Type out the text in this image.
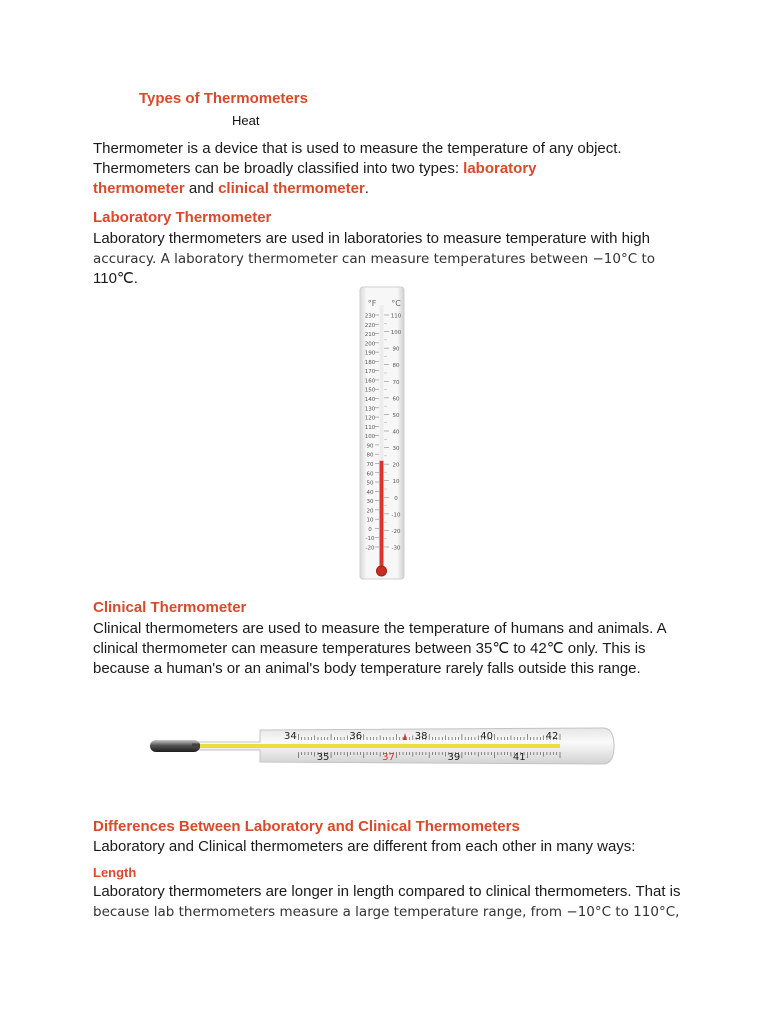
Types of Thermometers
Heat
Thermometer is a device that is used to measure the temperature of any object.
Thermometers can be broadly classified into two types: laboratory
thermometer and clinical thermometer.
Laboratory Thermometer
Laboratory thermometers are used in laboratories to measure temperature with high
accuracy. A laboratory thermometer can measure temperatures between −10°C to
110℃.
°F °C
230
220
210
200
190
180
170
160
150
140
130
120
110
100
90
80
70
60
50
40
30
20
10
0
-10
-20
110
100
90
80
70
60
50
40
30
20
10
0
-10
-20
-30
Clinical Thermometer
Clinical thermometers are used to measure the temperature of humans and animals. A
clinical thermometer can measure temperatures between 35℃ to 42℃ only. This is
because a human's or an animal's body temperature rarely falls outside this range.
34	36	38	40	42
35	37	39	41
Differences Between Laboratory and Clinical Thermometers
Laboratory and Clinical thermometers are different from each other in many ways:
Length
Laboratory thermometers are longer in length compared to clinical thermometers. That is
because lab thermometers measure a large temperature range, from −10°C to 110°C,
